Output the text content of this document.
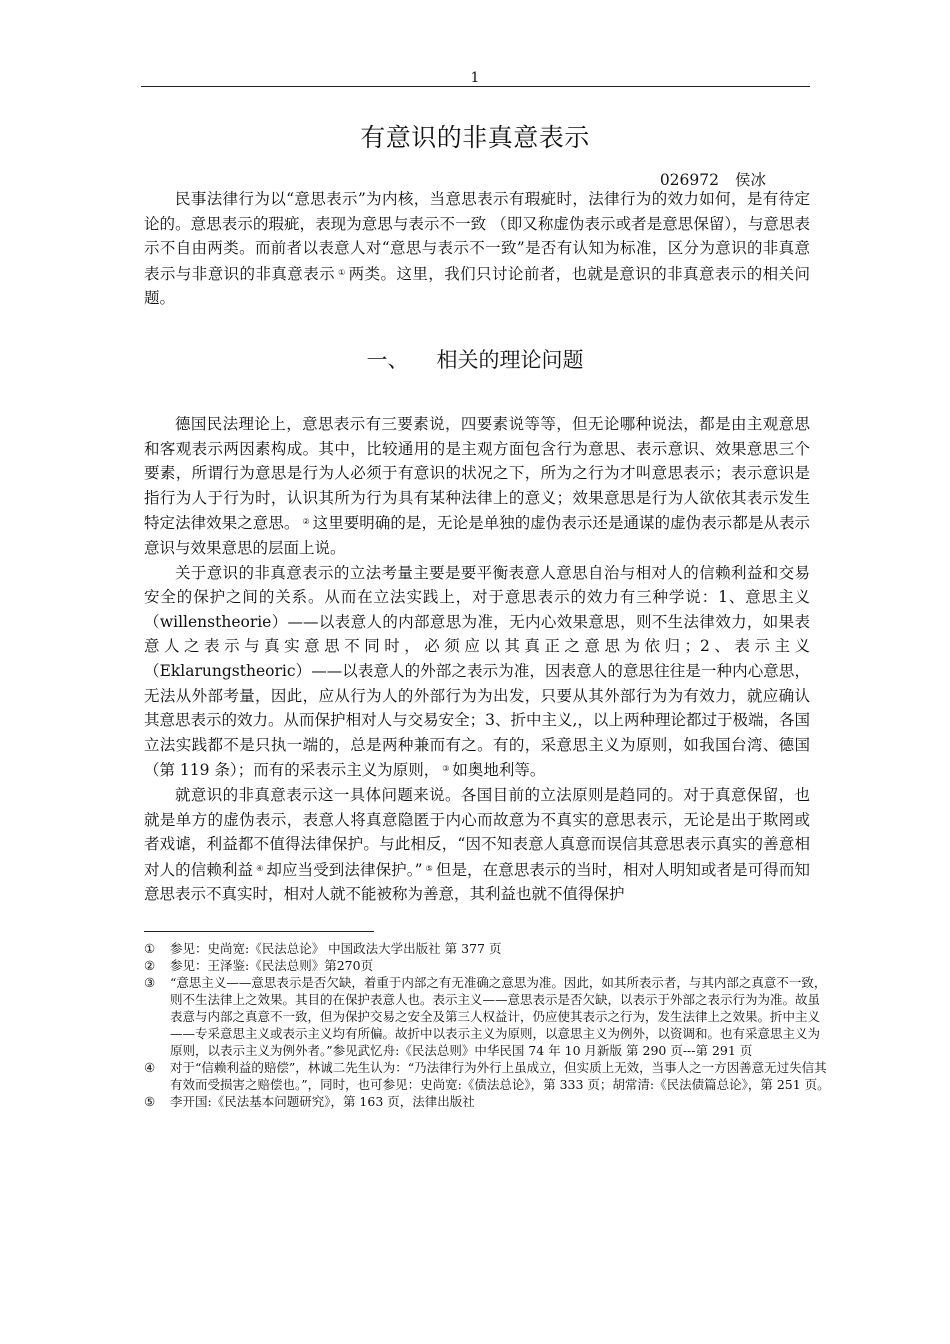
1
有意识的非真意表示
026972 侯冰

民事法律行为以“意思表示”为内核，当意思表示有瑕疵时，法律行为的效力如何，是有待定论的。意思表示的瑕疵，表现为意思与表示不一致 （即又称虚伪表示或者是意思保留），与意思表示不自由两类。而前者以表意人对“意思与表示不一致”是否有认知为标准，区分为意识的非真意表示与非意识的非真意表示 ① 两类。这里，我们只讨论前者，也就是意识的非真意表示的相关问题。

一、 相关的理论问题

德国民法理论上，意思表示有三要素说，四要素说等等，但无论哪种说法，都是由主观意思和客观表示两因素构成。其中，比较通用的是主观方面包含行为意思、表示意识、效果意思三个要素，所谓行为意思是行为人必须于有意识的状况之下，所为之行为才叫意思表示；表示意识是指行为人于行为时，认识其所为行为具有某种法律上的意义；效果意思是行为人欲依其表示发生特定法律效果之意思。 ② 这里要明确的是，无论是单独的虚伪表示还是通谋的虚伪表示都是从表示意识与效果意思的层面上说。

关于意识的非真意表示的立法考量主要是要平衡表意人意思自治与相对人的信赖利益和交易安全的保护之间的关系。从而在立法实践上，对于意思表示的效力有三种学说：1、意思主义（willenstheorie）——以表意人的内部意思为准，无内心效果意思，则不生法律效力，如果表意人之表示与真实意思不同时，必须应以其真正之意思为依归；2、表示主义（Eklarungstheoric）——以表意人的外部之表示为准，因表意人的意思往往是一种内心意思，无法从外部考量，因此，应从行为人的外部行为为出发，只要从其外部行为为有效力，就应确认其意思表示的效力。从而保护相对人与交易安全；3、折中主义,，以上两种理论都过于极端，各国立法实践都不是只执一端的，总是两种兼而有之。有的，采意思主义为原则，如我国台湾、德国（第 119 条）；而有的采表示主义为原则， ③ 如奥地利等。

就意识的非真意表示这一具体问题来说。各国目前的立法原则是趋同的。对于真意保留，也就是单方的虚伪表示，表意人将真意隐匿于内心而故意为不真实的意思表示，无论是出于欺罔或者戏谑，利益都不值得法律保护。与此相反，“因不知表意人真意而误信其意思表示真实的善意相对人的信赖利益 ④ 却应当受到法律保护。” ⑤ 但是，在意思表示的当时，相对人明知或者是可得而知意思表示不真实时，相对人就不能被称为善意，其利益也就不值得保护

①	参见：史尚宽:《民法总论》 中国政法大学出版社 第 377 页
②	参见：王泽鉴:《民法总则》第270页
③	“意思主义——意思表示是否欠缺，着重于内部之有无准确之意思为准。因此，如其所表示者，与其内部之真意不一致，则不生法律上之效果。其目的在保护表意人也。表示主义——意思表示是否欠缺，以表示于外部之表示行为为准。故虽表意与内部之真意不一致，但为保护交易之安全及第三人权益计，仍应使其表示之行为，发生法律上之效果。折中主义——专采意思主义或表示主义均有所偏。故折中以表示主义为原则，以意思主义为例外，以资调和。也有采意思主义为原则，以表示主义为例外者。”参见武忆舟:《民法总则》中华民国 74 年 10 月新版 第 290 页---第 291 页
④	对于“信赖利益的赔偿”，林诚二先生认为：“乃法律行为外行上虽成立，但实质上无效，当事人之一方因善意无过失信其有效而受损害之赔偿也。”，同时，也可参见：史尚宽:《债法总论》，第 333 页；胡常清:《民法债篇总论》，第 251 页。
⑤	李开国:《民法基本问题研究》，第 163 页，法律出版社
